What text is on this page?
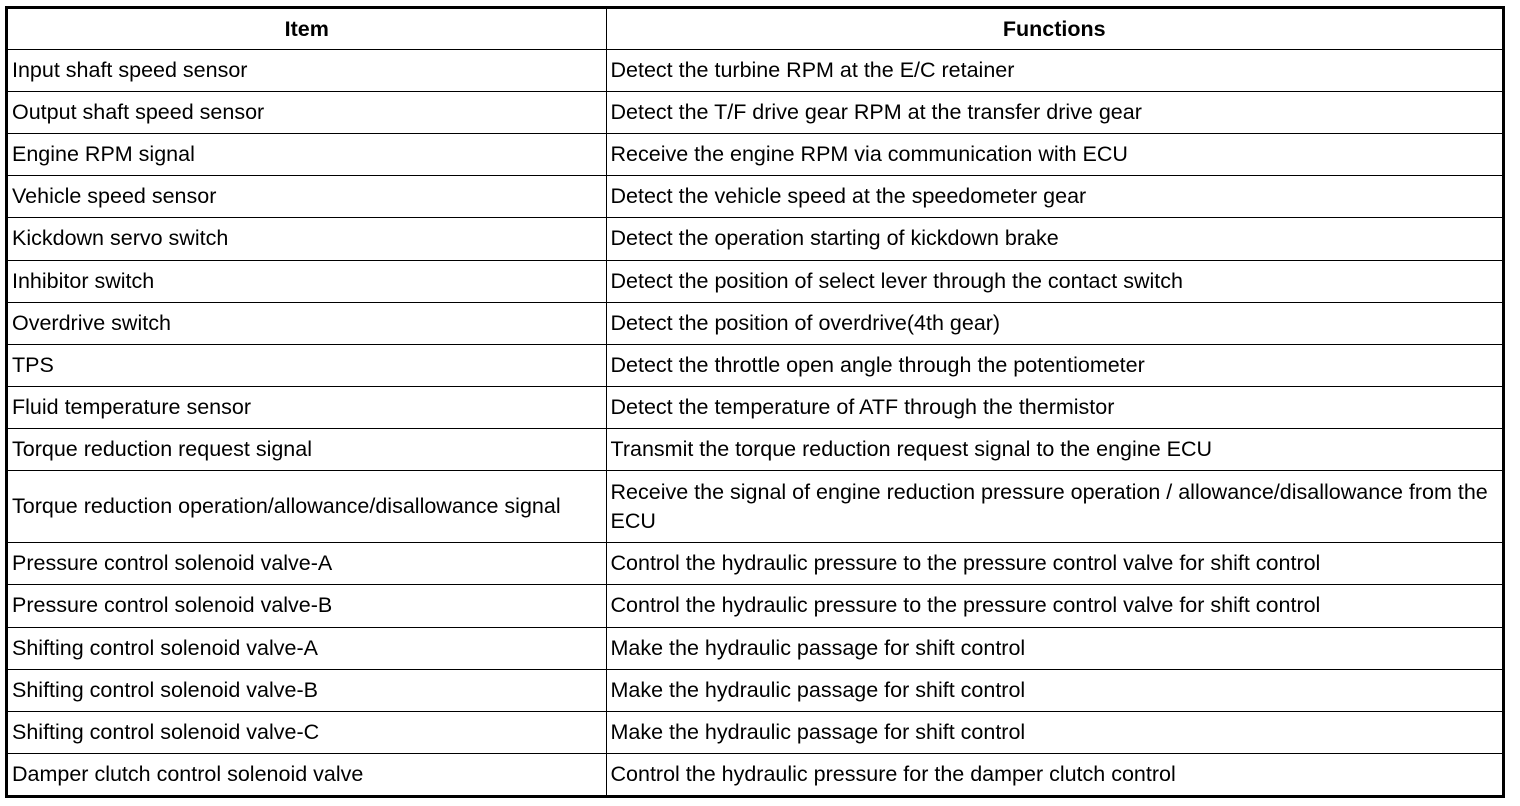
Item	Functions
Input shaft speed sensor	Detect the turbine RPM at the E/C retainer
Output shaft speed sensor	Detect the T/F drive gear RPM at the transfer drive gear
Engine RPM signal	Receive the engine RPM via communication with ECU
Vehicle speed sensor	Detect the vehicle speed at the speedometer gear
Kickdown servo switch	Detect the operation starting of kickdown brake
Inhibitor switch	Detect the position of select lever through the contact switch
Overdrive switch	Detect the position of overdrive(4th gear)
TPS	Detect the throttle open angle through the potentiometer
Fluid temperature sensor	Detect the temperature of ATF through the thermistor
Torque reduction request signal	Transmit the torque reduction request signal to the engine ECU
Torque reduction operation/allowance/disallowance signal	Receive the signal of engine reduction pressure operation / allowance/disallowance from the ECU
Pressure control solenoid valve-A	Control the hydraulic pressure to the pressure control valve for shift control
Pressure control solenoid valve-B	Control the hydraulic pressure to the pressure control valve for shift control
Shifting control solenoid valve-A	Make the hydraulic passage for shift control
Shifting control solenoid valve-B	Make the hydraulic passage for shift control
Shifting control solenoid valve-C	Make the hydraulic passage for shift control
Damper clutch control solenoid valve	Control the hydraulic pressure for the damper clutch control
